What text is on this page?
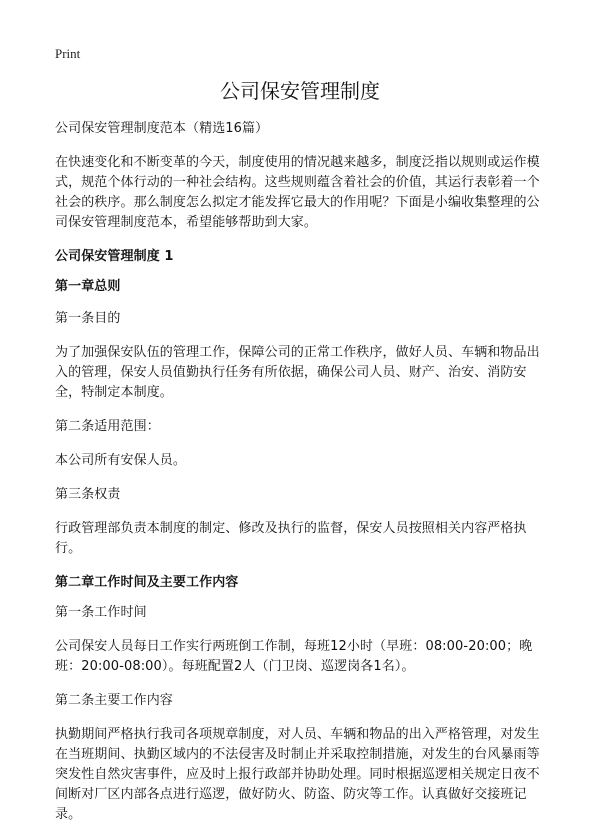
Print
公司保安管理制度

公司保安管理制度范本（精选16篇）

在快速变化和不断变革的今天，制度使用的情况越来越多，制度泛指以规则或运作模式，规范个体行动的一种社会结构。这些规则蕴含着社会的价值，其运行表彰着一个社会的秩序。那么制度怎么拟定才能发挥它最大的作用呢？下面是小编收集整理的公司保安管理制度范本，希望能够帮助到大家。

公司保安管理制度 1

第一章总则

第一条目的

为了加强保安队伍的管理工作，保障公司的正常工作秩序，做好人员、车辆和物品出入的管理，保安人员值勤执行任务有所依据，确保公司人员、财产、治安、消防安全，特制定本制度。

第二条适用范围：

本公司所有安保人员。

第三条权责

行政管理部负责本制度的制定、修改及执行的监督，保安人员按照相关内容严格执行。

第二章工作时间及主要工作内容

第一条工作时间

公司保安人员每日工作实行两班倒工作制，每班12小时（早班：08:00-20:00；晚班：20:00-08:00）。每班配置2人（门卫岗、巡逻岗各1名）。

第二条主要工作内容

执勤期间严格执行我司各项规章制度，对人员、车辆和物品的出入严格管理，对发生在当班期间、执勤区域内的不法侵害及时制止并采取控制措施，对发生的台风暴雨等突发性自然灾害事件，应及时上报行政部并协助处理。同时根据巡逻相关规定日夜不间断对厂区内部各点进行巡逻，做好防火、防盗、防灾等工作。认真做好交接班记录。
